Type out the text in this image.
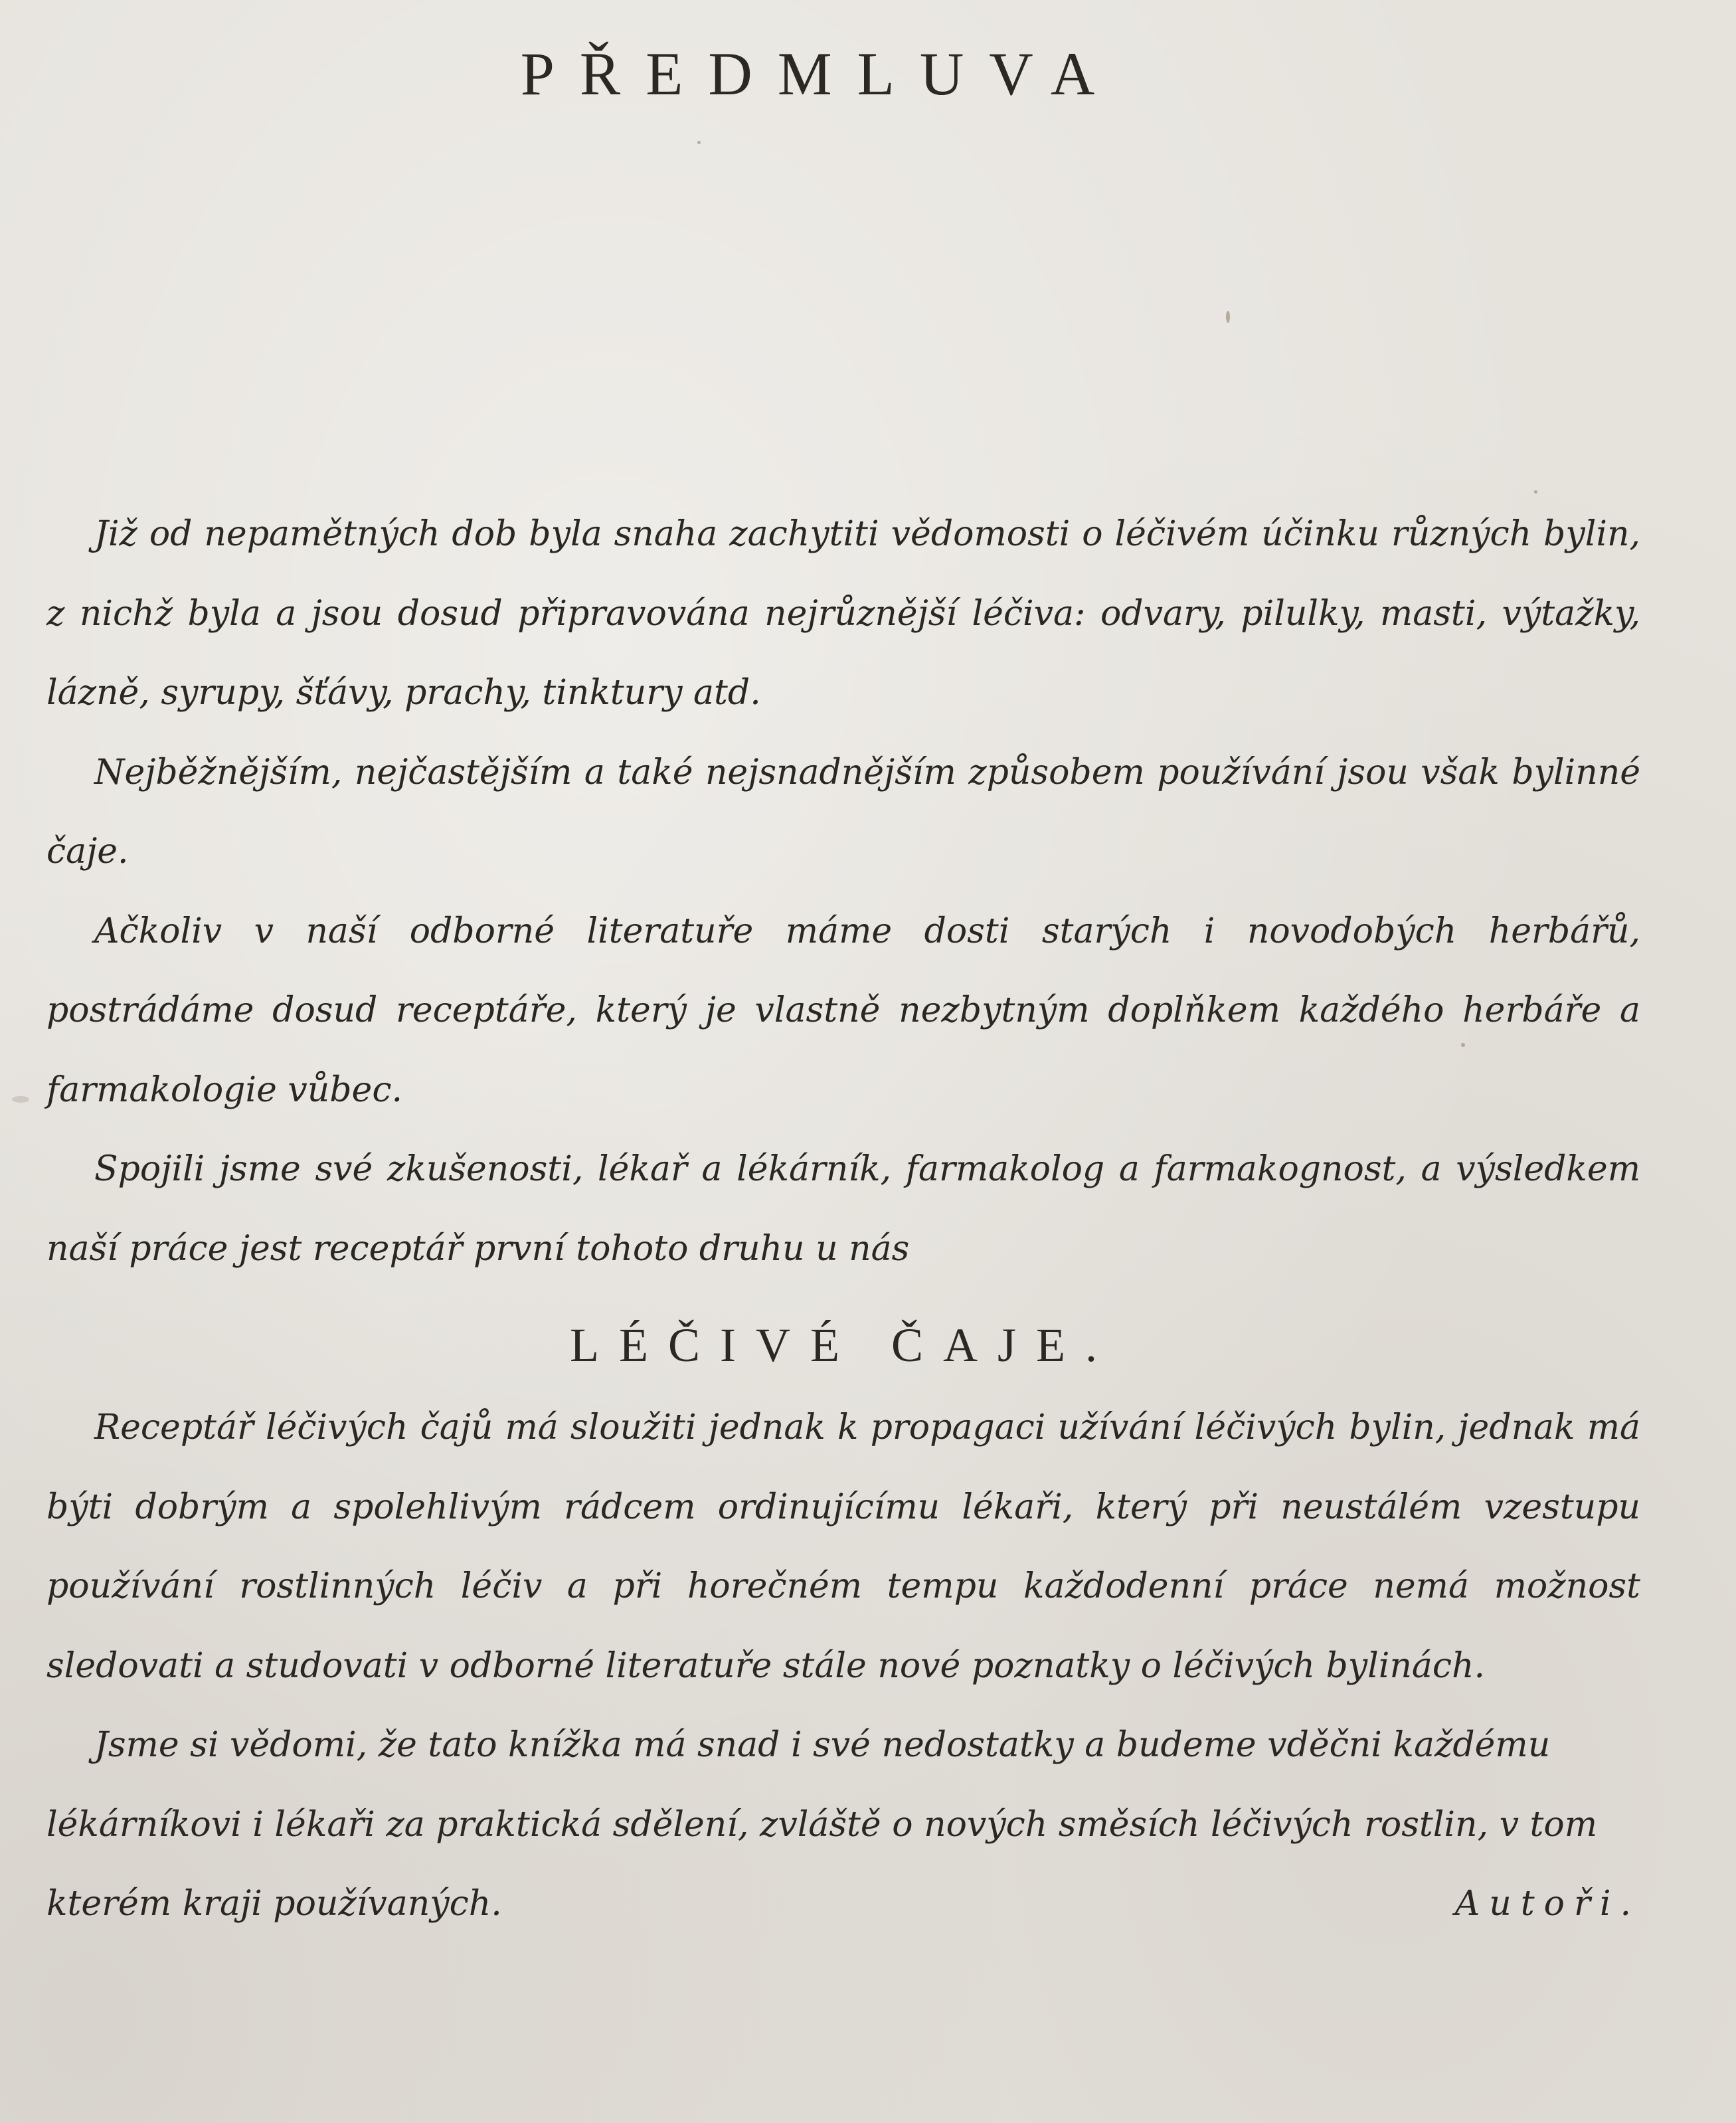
PŘEDMLUVA

Již od nepamětných dob byla snaha zachytiti vědomosti o léčivém účinku různých bylin, z nichž byla a jsou dosud připravována nejrůznější léčiva: odvary, pilulky, masti, výtažky, lázně, syrupy, šťávy, prachy, tinktury atd.

Nejběžnějším, nejčastějším a také nejsnadnějším způsobem používání jsou však bylinné čaje.

Ačkoliv v naší odborné literatuře máme dosti starých i novodobých herbářů, postrádáme dosud receptáře, který je vlastně nezbytným doplňkem každého herbáře a farmakologie vůbec.

Spojili jsme své zkušenosti, lékař a lékárník, farmakolog a farmakognost, a výsledkem naší práce jest receptář první tohoto druhu u nás

LÉČIVÉ ČAJE.

Receptář léčivých čajů má sloužiti jednak k propagaci užívání léčivých bylin, jednak má býti dobrým a spolehlivým rádcem ordinujícímu lékaři, který při neustálém vzestupu používání rostlinných léčiv a při horečném tempu každodenní práce nemá možnost sledovati a studovati v odborné literatuře stále nové poznatky o léčivých bylinách.

Jsme si vědomi, že tato knížka má snad i své nedostatky a budeme vděčni každému lékárníkovi i lékaři za praktická sdělení, zvláště o nových směsích léčivých rostlin, v tom kterém kraji používaných.	Autoři.
